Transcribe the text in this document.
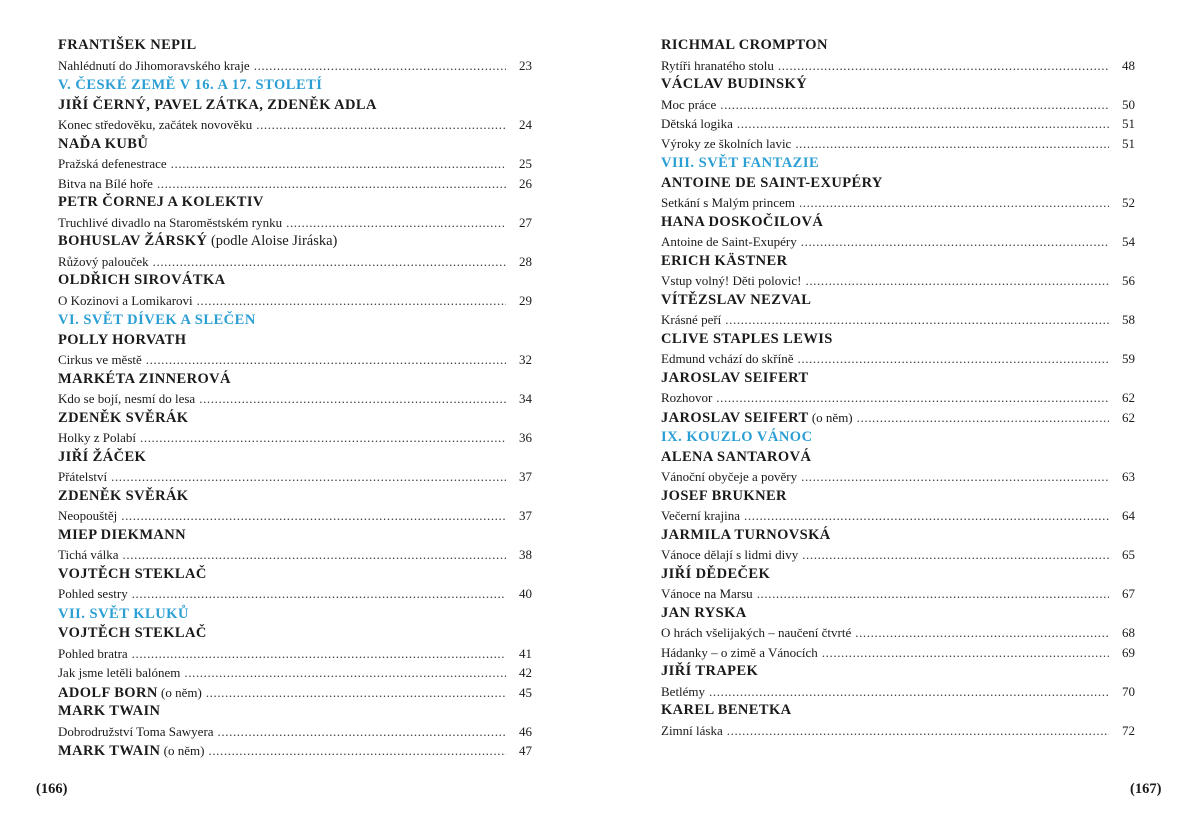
FRANTIŠEK NEPIL
Nahlédnutí do Jihomoravského kraje .....	23
V. ČESKÉ ZEMĚ V 16. A 17. STOLETÍ
JIŘÍ ČERNÝ, PAVEL ZÁTKA, ZDENĚK ADLA
Konec středověku, začátek novověku .....	24
NAĎA KUBŮ
Pražská defenestrace .....	25
Bitva na Bílé hoře .....	26
PETR ČORNEJ A KOLEKTIV
Truchlivé divadlo na Staroměstském rynku .....	27
BOHUSLAV ŽÁRSKÝ (podle Aloise Jiráska)
Růžový palouček .....	28
OLDŘICH SIROVÁTKA
O Kozinovi a Lomikarovi .....	29
VI. SVĚT DÍVEK A SLEČEN
POLLY HORVATH
Cirkus ve městě .....	32
MARKÉTA ZINNEROVÁ
Kdo se bojí, nesmí do lesa .....	34
ZDENĚK SVĚRÁK
Holky z Polabí .....	36
JIŘÍ ŽÁČEK
Přátelství .....	37
ZDENĚK SVĚRÁK
Neopouštěj .....	37
MIEP DIEKMANN
Tichá válka .....	38
VOJTĚCH STEKLAČ
Pohled sestry .....	40
VII. SVĚT KLUKŮ
VOJTĚCH STEKLAČ
Pohled bratra .....	41
Jak jsme letěli balónem .....	42
ADOLF BORN (o něm) .....	45
MARK TWAIN
Dobrodružství Toma Sawyera .....	46
MARK TWAIN (o něm) .....	47
RICHMAL CROMPTON
Rytíři hranatého stolu .....	48
VÁCLAV BUDINSKÝ
Moc práce .....	50
Dětská logika .....	51
Výroky ze školních lavic .....	51
VIII. SVĚT FANTAZIE
ANTOINE DE SAINT-EXUPÉRY
Setkání s Malým princem .....	52
HANA DOSKOČILOVÁ
Antoine de Saint-Exupéry .....	54
ERICH KÄSTNER
Vstup volný! Děti polovic! .....	56
VÍTĚZSLAV NEZVAL
Krásné peří .....	58
CLIVE STAPLES LEWIS
Edmund vchází do skříně .....	59
JAROSLAV SEIFERT
Rozhovor .....	62
JAROSLAV SEIFERT (o něm) .....	62
IX. KOUZLO VÁNOC
ALENA SANTAROVÁ
Vánoční obyčeje a pověry .....	63
JOSEF BRUKNER
Večerní krajina .....	64
JARMILA TURNOVSKÁ
Vánoce dělají s lidmi divy .....	65
JIŘÍ DĚDEČEK
Vánoce na Marsu .....	67
JAN RYSKA
O hrách všelijakých – naučení čtvrté .....	68
Hádanky – o zimě a Vánocích .....	69
JIŘÍ TRAPEK
Betlémy .....	70
KAREL BENETKA
Zimní láska .....	72
(166)	(167)
